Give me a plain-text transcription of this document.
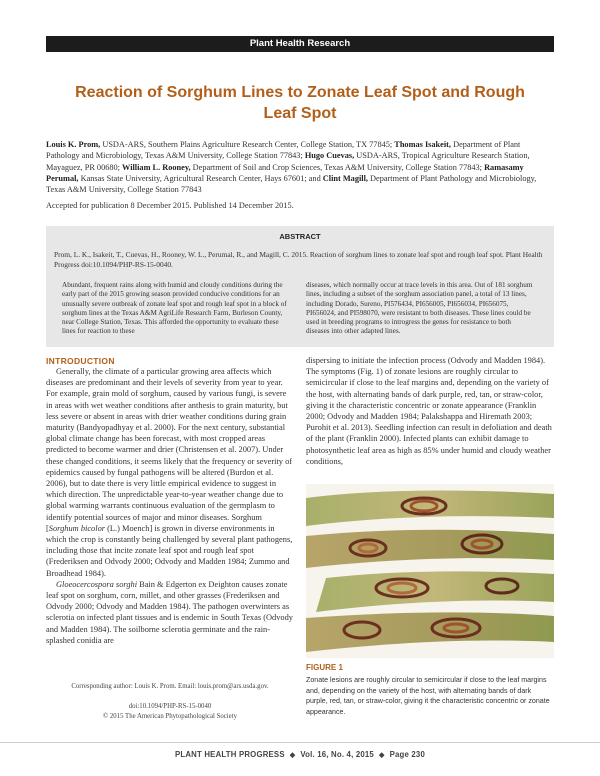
Plant Health Research
Reaction of Sorghum Lines to Zonate Leaf Spot and Rough Leaf Spot
Louis K. Prom, USDA-ARS, Southern Plains Agriculture Research Center, College Station, TX 77845; Thomas Isakeit, Department of Plant Pathology and Microbiology, Texas A&M University, College Station 77843; Hugo Cuevas, USDA-ARS, Tropical Agriculture Research Station, Mayaguez, PR 00680; William L. Rooney, Department of Soil and Crop Sciences, Texas A&M University, College Station 77843; Ramasamy Perumal, Kansas State University, Agricultural Research Center, Hays 67601; and Clint Magill, Department of Plant Pathology and Microbiology, Texas A&M University, College Station 77843
Accepted for publication 8 December 2015. Published 14 December 2015.
ABSTRACT
Prom, L. K., Isakeit, T., Cuevas, H., Rooney, W. L., Perumal, R., and Magill, C. 2015. Reaction of sorghum lines to zonate leaf spot and rough leaf spot. Plant Health Progress doi:10.1094/PHP-RS-15-0040.
Abundant, frequent rains along with humid and cloudy conditions during the early part of the 2015 growing season provided conducive conditions for an unusually severe outbreak of zonate leaf spot and rough leaf spot in a block of sorghum lines at the Texas A&M AgriLife Research Farm, Burleson County, near College Station, Texas. This afforded the opportunity to evaluate these lines for reaction to these
diseases, which normally occur at trace levels in this area. Out of 181 sorghum lines, including a subset of the sorghum association panel, a total of 13 lines, including Dorado, Sureno, PI576434, PI656005, PI656034, PI656075, PI656024, and PI598070, were resistant to both diseases. These lines could be used in breeding programs to introgress the genes for resistance to both diseases into other adapted lines.
INTRODUCTION

Generally, the climate of a particular growing area affects which diseases are predominant and their levels of severity from year to year. For example, grain mold of sorghum, caused by various fungi, is severe in areas with wet weather conditions after anthesis to grain maturity, but less severe or absent in areas with drier weather conditions during grain maturity (Bandyopadhyay et al. 2000). For the next century, substantial global climate change has been forecast, with most cropped areas predicted to become warmer and drier (Christensen et al. 2007). Under these changed conditions, it seems likely that the frequency or severity of epidemics caused by fungal pathogens will be altered (Burdon et al. 2006), but to date there is very little empirical evidence to suggest in which direction. The unpredictable year-to-year weather change due to global warming warrants continuous evaluation of the germplasm to identify potential sources of major and minor diseases. Sorghum [Sorghum bicolor (L.) Moench] is grown in diverse environments in which the crop is constantly being challenged by several plant pathogens, including those that incite zonate leaf spot and rough leaf spot (Frederiksen and Odvody 2000; Odvody and Madden 1984; Zummo and Broadhead 1984).

Gloeocercospora sorghi Bain & Edgerton ex Deighton causes zonate leaf spot on sorghum, corn, millet, and other grasses (Frederiksen and Odvody 2000; Odvody and Madden 1984). The pathogen overwinters as sclerotia on infected plant tissues and is endemic in South Texas (Odvody and Madden 1984). The soilborne sclerotia germinate and the rain-splashed conidia are

dispersing to initiate the infection process (Odvody and Madden 1984). The symptoms (Fig. 1) of zonate lesions are roughly circular to semicircular if close to the leaf margins and, depending on the variety of the host, with alternating bands of dark purple, red, tan, or straw-color, giving it the characteristic concentric or zonate appearance (Franklin 2000; Odvody and Madden 1984; Palakshappa and Hiremath 2003; Purohit et al. 2013). Seedling infection can result in defoliation and death of the plant (Franklin 2000). Infected plants can exhibit damage to photosynthetic leaf area as high as 85% under humid and cloudy weather conditions,
FIGURE 1
Zonate lesions are roughly circular to semicircular if close to the leaf margins and, depending on the variety of the host, with alternating bands of dark purple, red, tan, or straw-color, giving it the characteristic concentric or zonate appearance.
Corresponding author: Louis K. Prom. Email: louis.prom@ars.usda.gov.
doi:10.1094/PHP-RS-15-0040
© 2015 The American Phytopathological Society
PLANT HEALTH PROGRESS ◆ Vol. 16, No. 4, 2015 ◆ Page 230
